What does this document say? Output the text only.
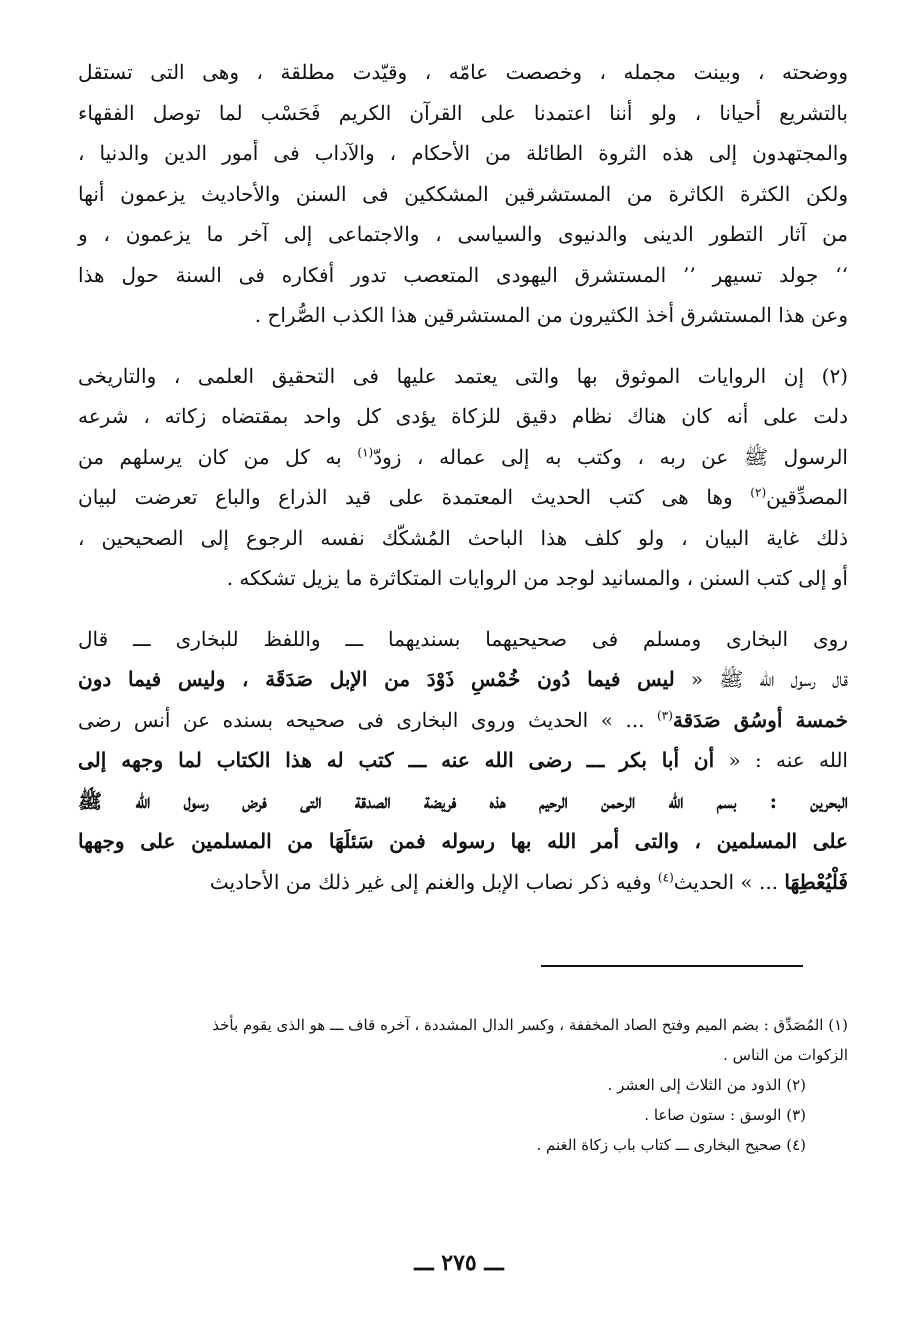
ووضحته ، وبينت مجمله ، وخصصت عامّه ، وقيّدت مطلقة ، وهى التى تستقل
بالتشريع أحيانا ، ولو أننا اعتمدنا على القرآن الكريم فَحَسْب لما توصل الفقهاء
والمجتهدون إلى هذه الثروة الطائلة من الأحكام ، والآداب فى أمور الدين والدنيا ،
ولكن الكثرة الكاثرة من المستشرقين المشككين فى السنن والأحاديث يزعمون أنها
من آثار التطور الدينى والدنيوى والسياسى ، والاجتماعى إلى آخر ما يزعمون ، و
‘‘ جولد تسيهر ’’ المستشرق اليهودى المتعصب تدور أفكاره فى السنة حول هذا
وعن هذا المستشرق أخذ الكثيرون من المستشرقين هذا الكذب الصُّراح .

(٢) إن الروايات الموثوق بها والتى يعتمد عليها فى التحقيق العلمى ، والتاريخى
دلت على أنه كان هناك نظام دقيق للزكاة يؤدى كل واحد بمقتضاه زكاته ، شرعه
الرسول ﷺ عن ربه ، وكتب به إلى عماله ، زودّ$^{(١)}$ به كل من كان يرسلهم من
المصدِّقين$^{(٢)}$ وها هى كتب الحديث المعتمدة على قيد الذراع والباع تعرضت لبيان
ذلك غاية البيان ، ولو كلف هذا الباحث المُشكّك نفسه الرجوع إلى الصحيحين ،
أو إلى كتب السنن ، والمسانيد لوجد من الروايات المتكاثرة ما يزيل تشككه .

روى البخارى ومسلم فى صحيحيهما بسنديهما ـــ واللفظ للبخارى ـــ قال
قال رسول الله ﷺ « ليس فيما دُون خُمْسِ ذَوْدَ من الإبل صَدَقَة ، وليس فيما دون
خمسة أوسُق صَدَقة$^{(٣)}$ ... » الحديث وروى البخارى فى صحيحه بسنده عن أنس رضى
الله عنه : « أن أبا بكر ـــ رضى الله عنه ـــ كتب له هذا الكتاب لما وجهه إلى
البحرين : بسم الله الرحمن الرحيم هذه فريضة الصدقة التى فرض رسول الله ﷺ
على المسلمين ، والتى أمر الله بها رسوله فمن سَئلَهَا من المسلمين على وجهها
فَلْيُعْطِهَا ... » الحديث$^{(٤)}$ وفيه ذكر نصاب الإبل والغنم إلى غير ذلك من الأحاديث

(١) المُصَدِّق : بضم الميم وفتح الصاد المخففة ، وكسر الدال المشددة ، آخره قاف ـــ هو الذى يقوم بأخذ

الزكوات من الناس .

(٢) الذود من الثلاث إلى العشر .

(٣) الوسق : ستون صاعا .

(٤) صحيح البخارى ـــ كتاب باب زكاة الغنم .

ـــ ٢٧٥ ـــ
